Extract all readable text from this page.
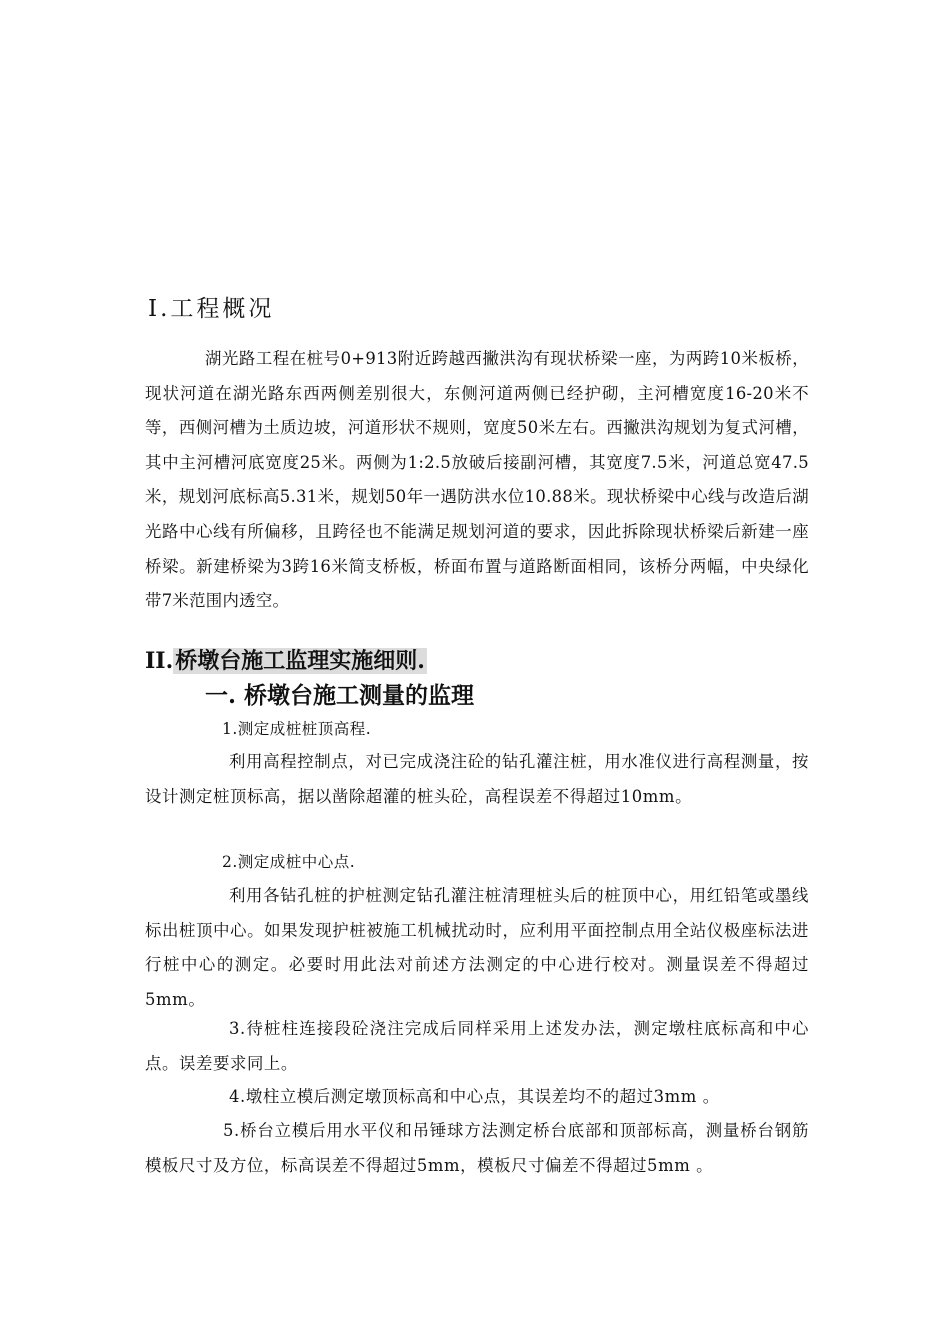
Ⅰ.工程概况
湖光路工程在桩号0+913附近跨越西撇洪沟有现状桥梁一座，为两跨10米板桥，现状河道在湖光路东西两侧差别很大，东侧河道两侧已经护砌，主河槽宽度16-20米不等，西侧河槽为土质边坡，河道形状不规则，宽度50米左右。西撇洪沟规划为复式河槽，其中主河槽河底宽度25米。两侧为1:2.5放破后接副河槽，其宽度7.5米，河道总宽47.5米，规划河底标高5.31米，规划50年一遇防洪水位10.88米。现状桥梁中心线与改造后湖光路中心线有所偏移，且跨径也不能满足规划河道的要求，因此拆除现状桥梁后新建一座桥梁。新建桥梁为3跨16米简支桥板，桥面布置与道路断面相同，该桥分两幅，中央绿化带7米范围内透空。
II.桥墩台施工监理实施细则.
一. 桥墩台施工测量的监理
1.测定成桩桩顶高程.
利用高程控制点，对已完成浇注砼的钻孔灌注桩，用水准仪进行高程测量，按设计测定桩顶标高，据以凿除超灌的桩头砼，高程误差不得超过10mm。
2.测定成桩中心点.
利用各钻孔桩的护桩测定钻孔灌注桩清理桩头后的桩顶中心，用红铅笔或墨线标出桩顶中心。如果发现护桩被施工机械扰动时，应利用平面控制点用全站仪极座标法进行桩中心的测定。必要时用此法对前述方法测定的中心进行校对。测量误差不得超过5mm。
3.待桩柱连接段砼浇注完成后同样采用上述发办法，测定墩柱底标高和中心点。误差要求同上。
4.墩柱立模后测定墩顶标高和中心点，其误差均不的超过3mm 。
5.桥台立模后用水平仪和吊锤球方法测定桥台底部和顶部标高，测量桥台钢筋模板尺寸及方位，标高误差不得超过5mm，模板尺寸偏差不得超过5mm 。
